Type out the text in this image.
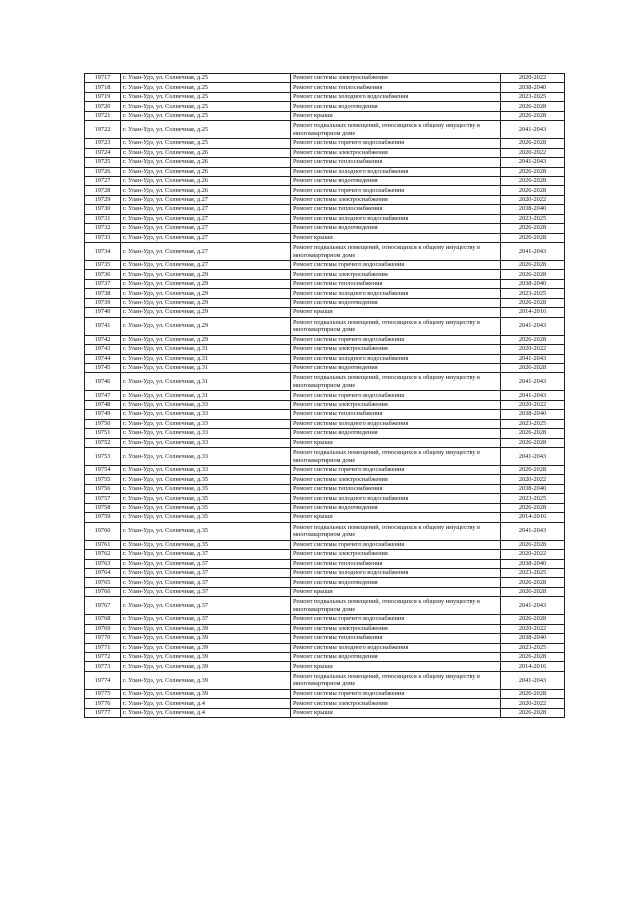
19717	г. Улан-Удэ, ул. Солнечная, д.25	Ремонт системы электроснабжения	2020-2022
19718	г. Улан-Удэ, ул. Солнечная, д.25	Ремонт системы теплоснабжения	2038-2040
19719	г. Улан-Удэ, ул. Солнечная, д.25	Ремонт системы холодного водоснабжения	2023-2025
19720	г. Улан-Удэ, ул. Солнечная, д.25	Ремонт системы водоотведения	2026-2028
19721	г. Улан-Удэ, ул. Солнечная, д.25	Ремонт крыши	2026-2028
19722	г. Улан-Удэ, ул. Солнечная, д.25	Ремонт подвальных помещений, относящихся к общему имуществу в многоквартирном доме	2041-2043
19723	г. Улан-Удэ, ул. Солнечная, д.25	Ремонт системы горячего водоснабжения	2026-2028
19724	г. Улан-Удэ, ул. Солнечная, д.26	Ремонт системы электроснабжения	2020-2022
19725	г. Улан-Удэ, ул. Солнечная, д.26	Ремонт системы теплоснабжения	2041-2043
19726	г. Улан-Удэ, ул. Солнечная, д.26	Ремонт системы холодного водоснабжения	2026-2028
19727	г. Улан-Удэ, ул. Солнечная, д.26	Ремонт системы водоотведения	2026-2028
19728	г. Улан-Удэ, ул. Солнечная, д.26	Ремонт системы горячего водоснабжения	2026-2028
19729	г. Улан-Удэ, ул. Солнечная, д.27	Ремонт системы электроснабжения	2020-2022
19730	г. Улан-Удэ, ул. Солнечная, д.27	Ремонт системы теплоснабжения	2038-2040
19731	г. Улан-Удэ, ул. Солнечная, д.27	Ремонт системы холодного водоснабжения	2023-2025
19732	г. Улан-Удэ, ул. Солнечная, д.27	Ремонт системы водоотведения	2026-2028
19733	г. Улан-Удэ, ул. Солнечная, д.27	Ремонт крыши	2026-2028
19734	г. Улан-Удэ, ул. Солнечная, д.27	Ремонт подвальных помещений, относящихся к общему имуществу в многоквартирном доме	2041-2043
19735	г. Улан-Удэ, ул. Солнечная, д.27	Ремонт системы горячего водоснабжения	2026-2028
19736	г. Улан-Удэ, ул. Солнечная, д.29	Ремонт системы электроснабжения	2026-2028
19737	г. Улан-Удэ, ул. Солнечная, д.29	Ремонт системы теплоснабжения	2038-2040
19738	г. Улан-Удэ, ул. Солнечная, д.29	Ремонт системы холодного водоснабжения	2023-2025
19739	г. Улан-Удэ, ул. Солнечная, д.29	Ремонт системы водоотведения	2026-2028
19740	г. Улан-Удэ, ул. Солнечная, д.29	Ремонт крыши	2014-2016
19741	г. Улан-Удэ, ул. Солнечная, д.29	Ремонт подвальных помещений, относящихся к общему имуществу в многоквартирном доме	2041-2043
19742	г. Улан-Удэ, ул. Солнечная, д.29	Ремонт системы горячего водоснабжения	2026-2028
19743	г. Улан-Удэ, ул. Солнечная, д.31	Ремонт системы электроснабжения	2020-2022
19744	г. Улан-Удэ, ул. Солнечная, д.31	Ремонт системы холодного водоснабжения	2041-2043
19745	г. Улан-Удэ, ул. Солнечная, д.31	Ремонт системы водоотведения	2026-2028
19746	г. Улан-Удэ, ул. Солнечная, д.31	Ремонт подвальных помещений, относящихся к общему имуществу в многоквартирном доме	2041-2043
19747	г. Улан-Удэ, ул. Солнечная, д.31	Ремонт системы горячего водоснабжения	2041-2043
19748	г. Улан-Удэ, ул. Солнечная, д.33	Ремонт системы электроснабжения	2020-2022
19749	г. Улан-Удэ, ул. Солнечная, д.33	Ремонт системы теплоснабжения	2038-2040
19750	г. Улан-Удэ, ул. Солнечная, д.33	Ремонт системы холодного водоснабжения	2023-2025
19751	г. Улан-Удэ, ул. Солнечная, д.33	Ремонт системы водоотведения	2026-2028
19752	г. Улан-Удэ, ул. Солнечная, д.33	Ремонт крыши	2026-2028
19753	г. Улан-Удэ, ул. Солнечная, д.33	Ремонт подвальных помещений, относящихся к общему имуществу в многоквартирном доме	2041-2043
19754	г. Улан-Удэ, ул. Солнечная, д.33	Ремонт системы горячего водоснабжения	2026-2028
19755	г. Улан-Удэ, ул. Солнечная, д.35	Ремонт системы электроснабжения	2020-2022
19756	г. Улан-Удэ, ул. Солнечная, д.35	Ремонт системы теплоснабжения	2038-2040
19757	г. Улан-Удэ, ул. Солнечная, д.35	Ремонт системы холодного водоснабжения	2023-2025
19758	г. Улан-Удэ, ул. Солнечная, д.35	Ремонт системы водоотведения	2026-2028
19759	г. Улан-Удэ, ул. Солнечная, д.35	Ремонт крыши	2014-2016
19760	г. Улан-Удэ, ул. Солнечная, д.35	Ремонт подвальных помещений, относящихся к общему имуществу в многоквартирном доме	2041-2043
19761	г. Улан-Удэ, ул. Солнечная, д.35	Ремонт системы горячего водоснабжения	2026-2028
19762	г. Улан-Удэ, ул. Солнечная, д.37	Ремонт системы электроснабжения	2020-2022
19763	г. Улан-Удэ, ул. Солнечная, д.37	Ремонт системы теплоснабжения	2038-2040
19764	г. Улан-Удэ, ул. Солнечная, д.37	Ремонт системы холодного водоснабжения	2023-2025
19765	г. Улан-Удэ, ул. Солнечная, д.37	Ремонт системы водоотведения	2026-2028
19766	г. Улан-Удэ, ул. Солнечная, д.37	Ремонт крыши	2026-2028
19767	г. Улан-Удэ, ул. Солнечная, д.37	Ремонт подвальных помещений, относящихся к общему имуществу в многоквартирном доме	2041-2043
19768	г. Улан-Удэ, ул. Солнечная, д.37	Ремонт системы горячего водоснабжения	2026-2028
19769	г. Улан-Удэ, ул. Солнечная, д.39	Ремонт системы электроснабжения	2020-2022
19770	г. Улан-Удэ, ул. Солнечная, д.39	Ремонт системы теплоснабжения	2038-2040
19771	г. Улан-Удэ, ул. Солнечная, д.39	Ремонт системы холодного водоснабжения	2023-2025
19772	г. Улан-Удэ, ул. Солнечная, д.39	Ремонт системы водоотведения	2026-2028
19773	г. Улан-Удэ, ул. Солнечная, д.39	Ремонт крыши	2014-2016
19774	г. Улан-Удэ, ул. Солнечная, д.39	Ремонт подвальных помещений, относящихся к общему имуществу в многоквартирном доме	2041-2043
19775	г. Улан-Удэ, ул. Солнечная, д.39	Ремонт системы горячего водоснабжения	2026-2028
19776	г. Улан-Удэ, ул. Солнечная, д.4	Ремонт системы электроснабжения	2020-2022
19777	г. Улан-Удэ, ул. Солнечная, д.4	Ремонт крыши	2026-2028
